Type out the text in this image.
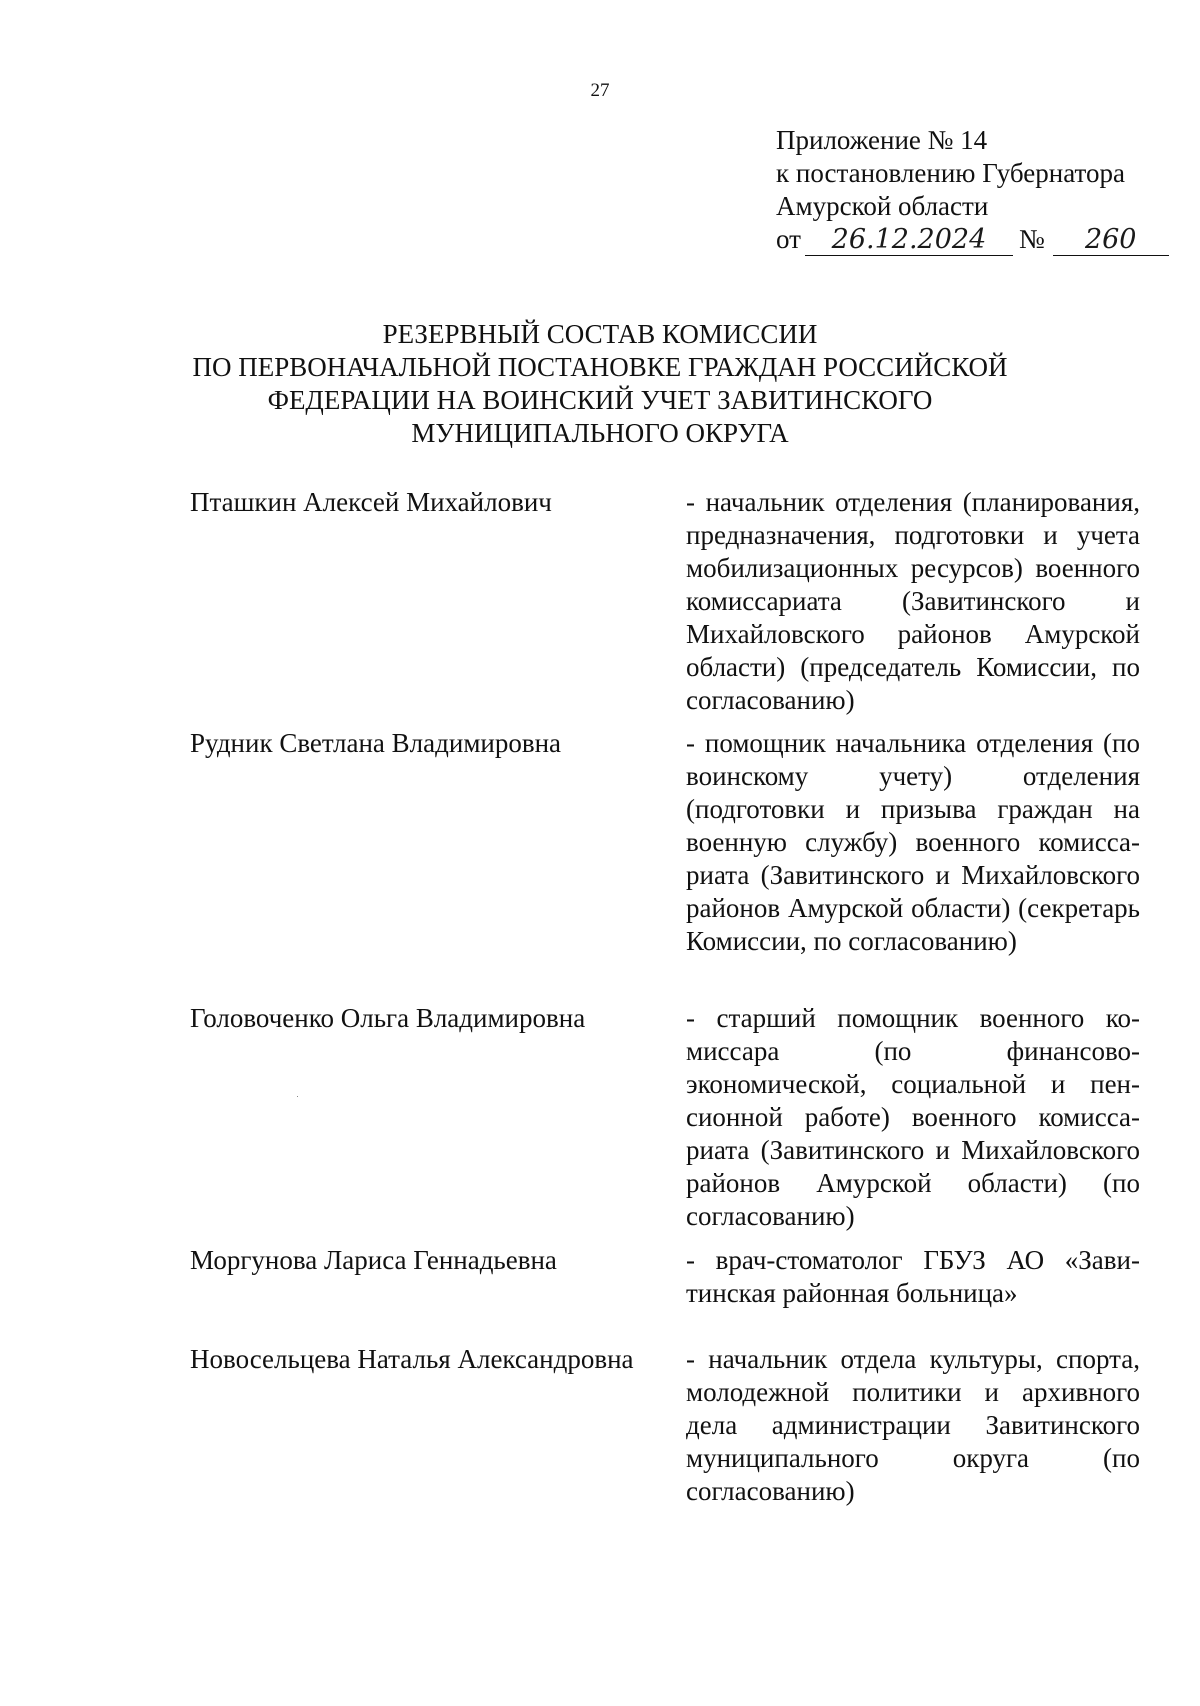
27
Приложение № 14
к постановлению Губернатора
Амурской области
от 26.12.2024 № 260
РЕЗЕРВНЫЙ СОСТАВ КОМИССИИ
ПО ПЕРВОНАЧАЛЬНОЙ ПОСТАНОВКЕ ГРАЖДАН РОССИЙСКОЙ
ФЕДЕРАЦИИ НА ВОИНСКИЙ УЧЕТ ЗАВИТИНСКОГО
МУНИЦИПАЛЬНОГО ОКРУГА
Пташкин Алексей Михайлович	- начальник отделения (планирования, предназначения, подготовки и учета мобилизационных ресурсов) военного комиссариата (Завитинского и Михайловского районов Амурской области) (председатель Комиссии, по согласованию)
Рудник Светлана Владимировна	- помощник начальника отделения (по воинскому учету) отделения (подготовки и призыва граждан на военную службу) военного комиссариата (Завитинского и Михайловского районов Амурской области) (секретарь Комиссии, по согласованию)
Головоченко Ольга Владимировна	- старший помощник военного комиссара (по финансово-экономической, социальной и пенсионной работе) военного комиссариата (Завитинского и Михайловского районов Амурской области) (по согласованию)
Моргунова Лариса Геннадьевна	- врач-стоматолог ГБУЗ АО «Завитинская районная больница»
Новосельцева Наталья Александровна	- начальник отдела культуры, спорта, молодежной политики и архивного дела администрации Завитинского муниципального округа (по согласованию)
